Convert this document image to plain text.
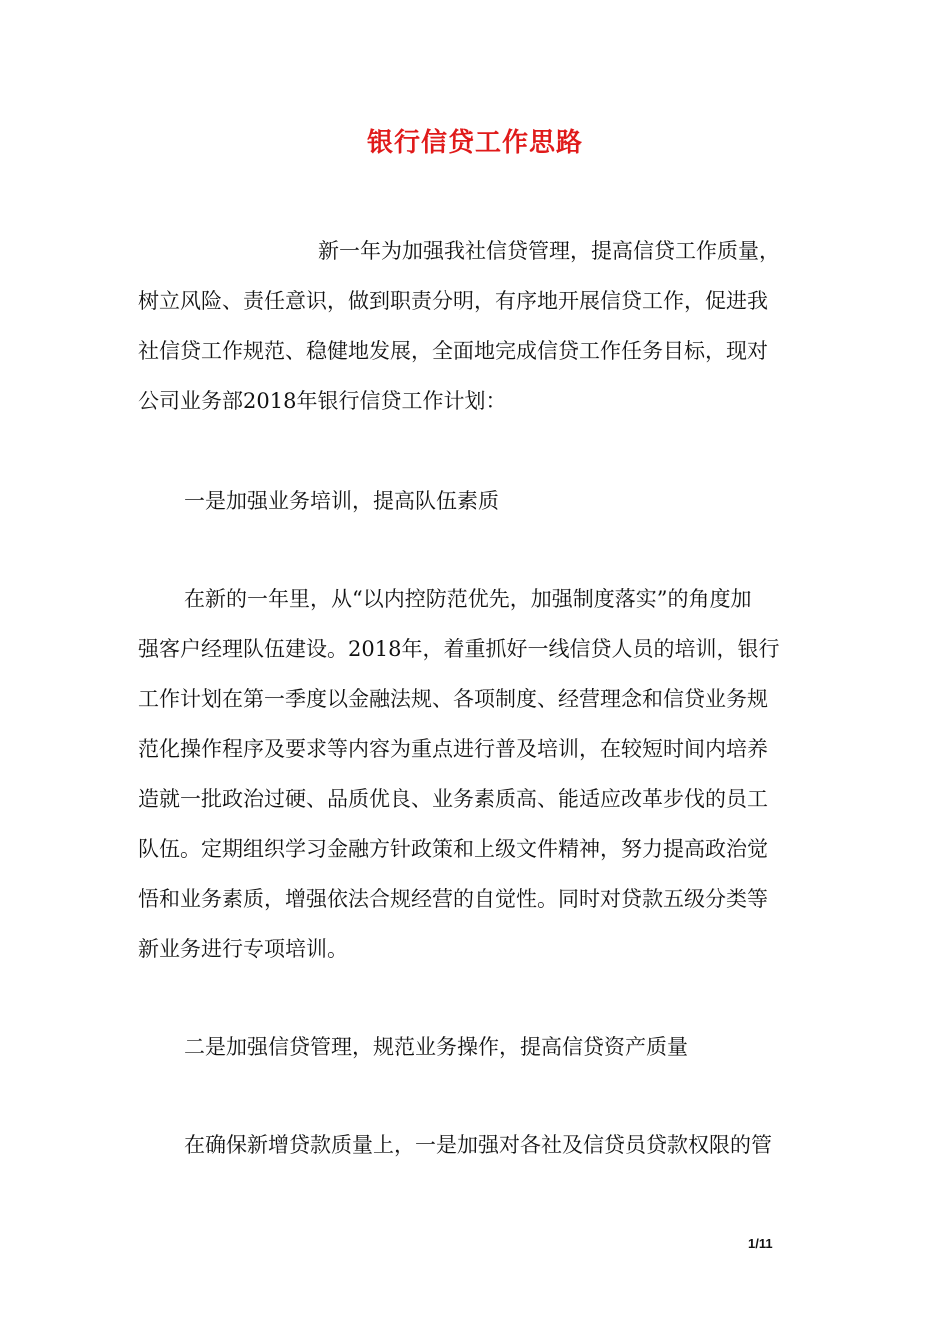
银行信贷工作思路

新一年为加强我社信贷管理，提高信贷工作质量，
树立风险、责任意识，做到职责分明，有序地开展信贷工作，促进我
社信贷工作规范、稳健地发展，全面地完成信贷工作任务目标，现对
公司业务部2018年银行信贷工作计划：

一是加强业务培训，提高队伍素质

在新的一年里，从“以内控防范优先，加强制度落实”的角度加
强客户经理队伍建设。2018年，着重抓好一线信贷人员的培训，银行
工作计划在第一季度以金融法规、各项制度、经营理念和信贷业务规
范化操作程序及要求等内容为重点进行普及培训，在较短时间内培养
造就一批政治过硬、品质优良、业务素质高、能适应改革步伐的员工
队伍。定期组织学习金融方针政策和上级文件精神，努力提高政治觉
悟和业务素质，增强依法合规经营的自觉性。同时对贷款五级分类等
新业务进行专项培训。

二是加强信贷管理，规范业务操作，提高信贷资产质量

在确保新增贷款质量上，一是加强对各社及信贷员贷款权限的管

1/11
